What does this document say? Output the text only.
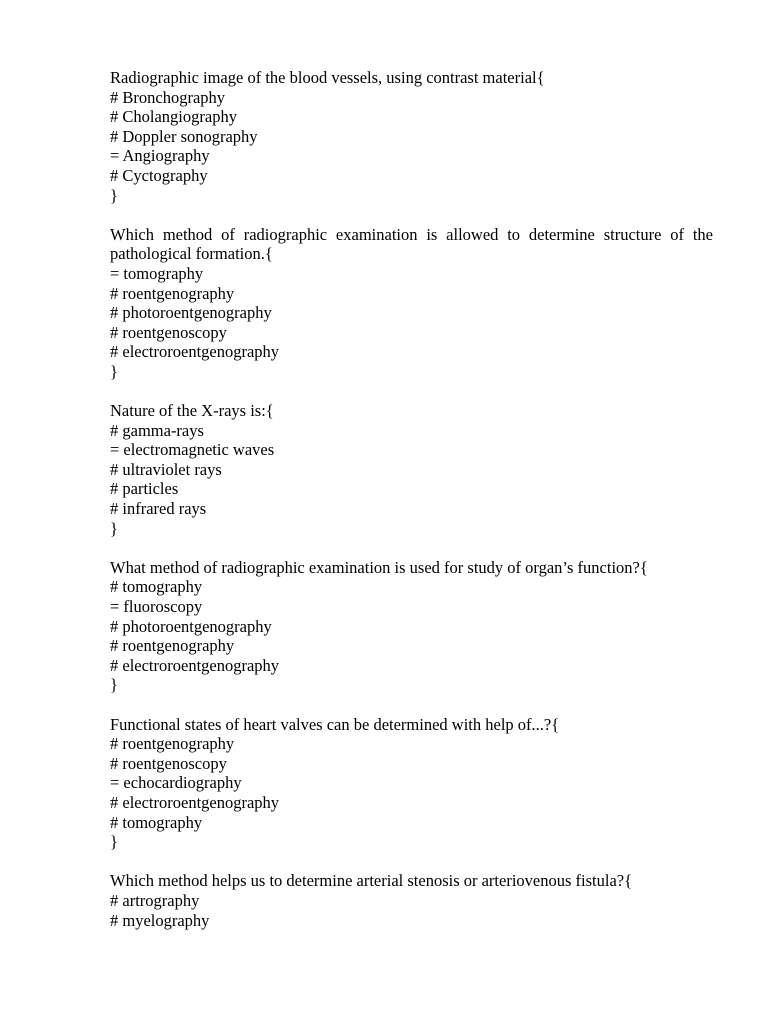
Radiographic image of the blood vessels, using contrast material{

# Bronchography

# Cholangiography

# Doppler sonography

= Angiography

# Cyctography

}

Which method of radiographic examination is allowed to determine structure of the pathological formation.{

= tomography

# roentgenography

# photoroentgenography

# roentgenoscopy

# electroroentgenography

}

Nature of the X-rays is:{

# gamma-rays

= electromagnetic waves

# ultraviolet rays

# particles

# infrared rays

}

What method of radiographic examination is used for study of organ’s function?{

# tomography

= fluoroscopy

# photoroentgenography

# roentgenography

# electroroentgenography

}

Functional states of heart valves can be determined with help of...?{

# roentgenography

# roentgenoscopy

= echocardiography

# electroroentgenography

# tomography

}

Which method helps us to determine arterial stenosis or arteriovenous fistula?{

# artrography

# myelography
